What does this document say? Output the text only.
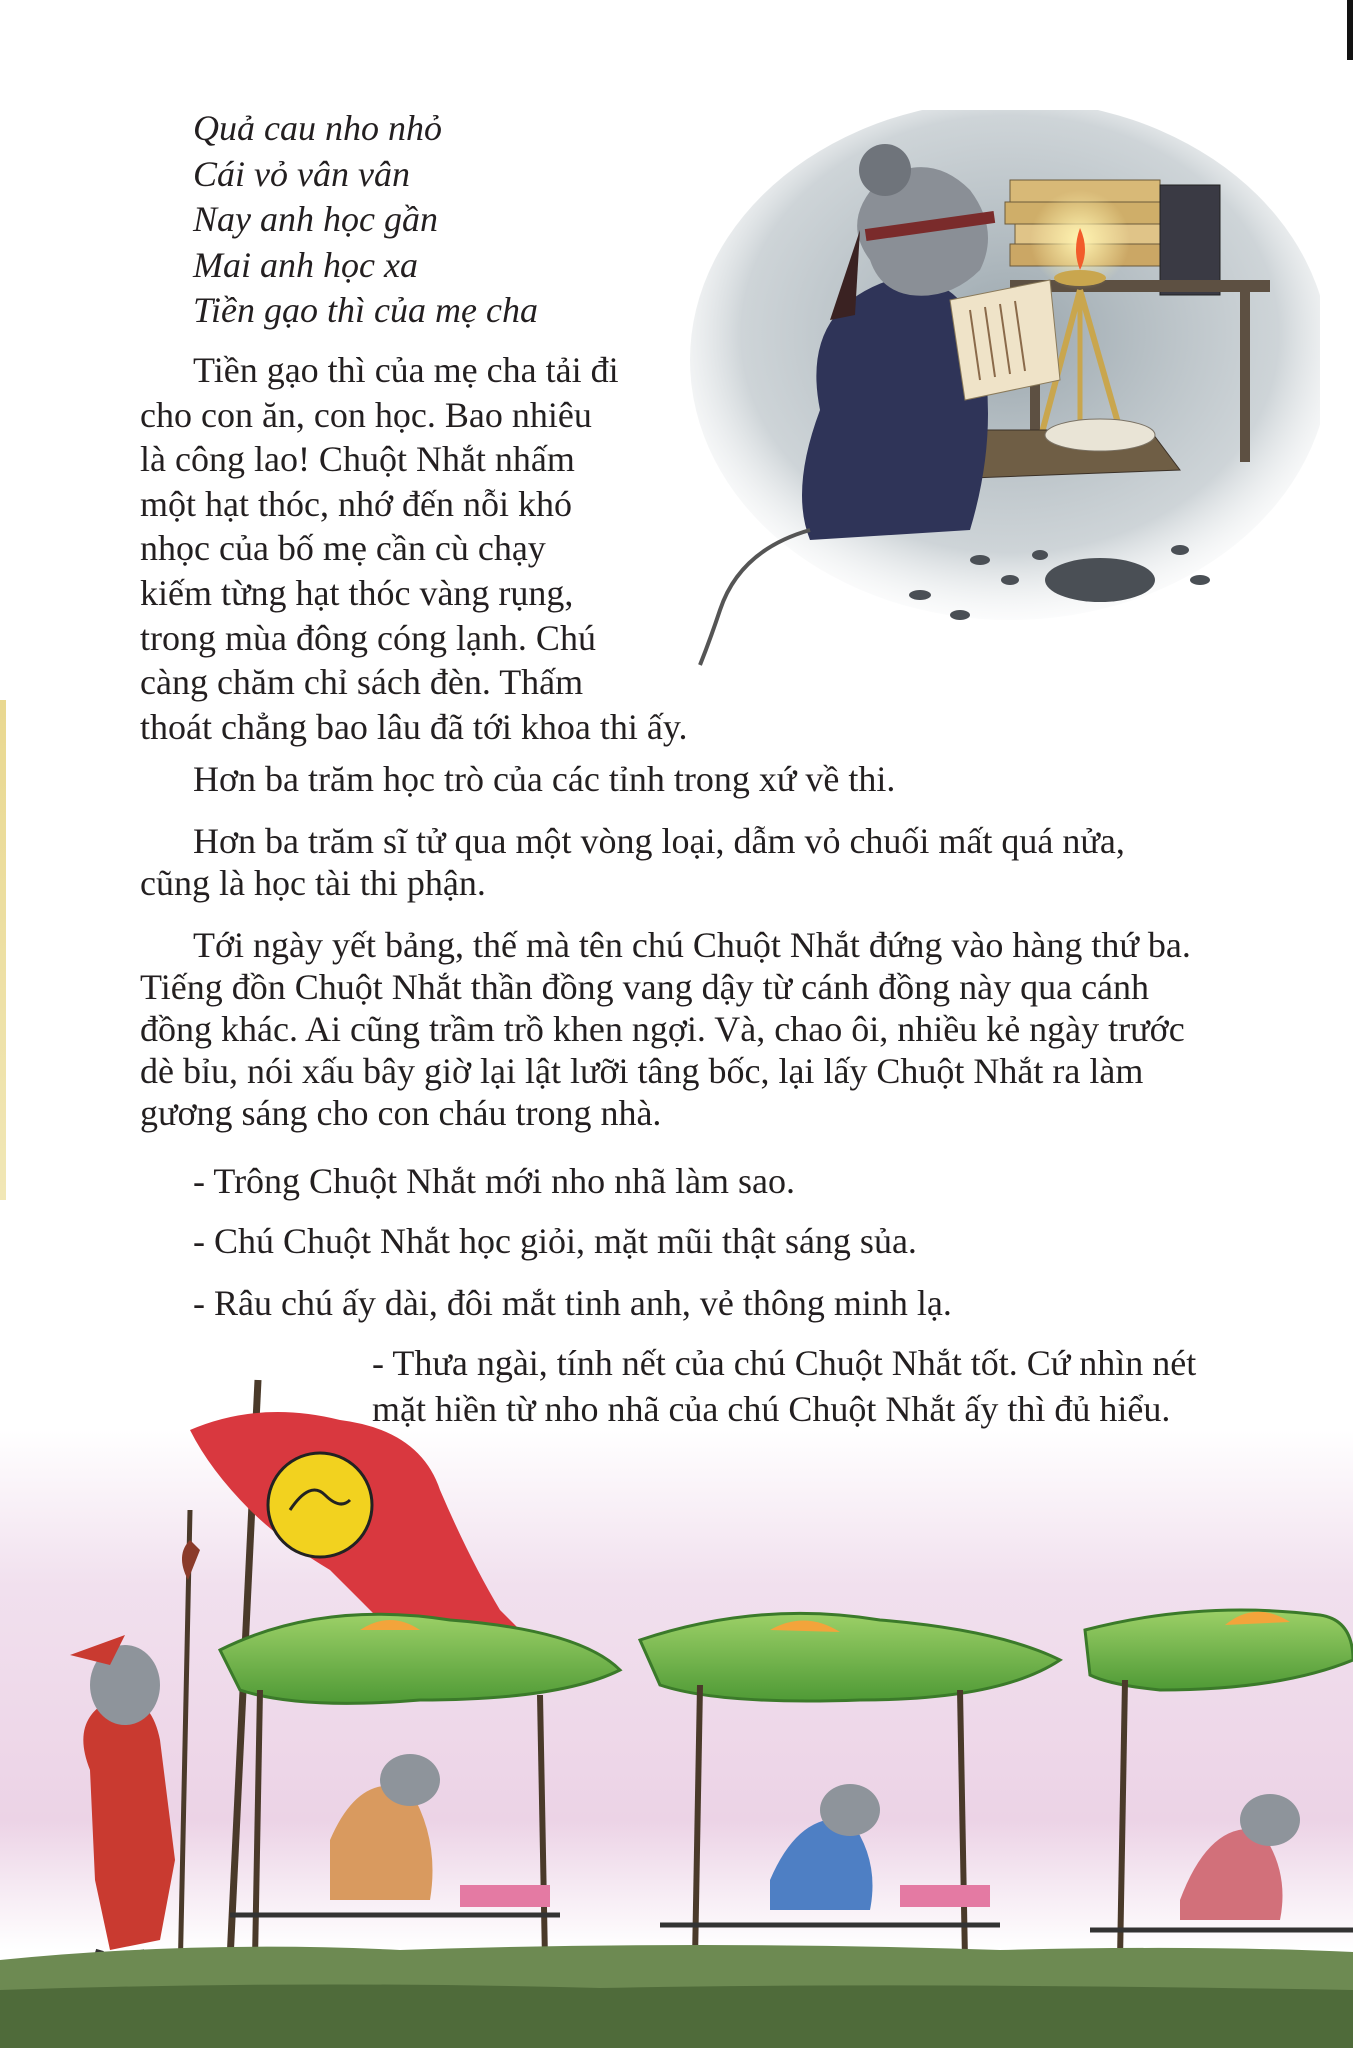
Quả cau nho nhỏ
Cái vỏ vân vân
Nay anh học gần
Mai anh học xa
Tiền gạo thì của mẹ cha
Tiền gạo thì của mẹ cha tải đi
cho con ăn, con học. Bao nhiêu
là công lao! Chuột Nhắt nhấm
một hạt thóc, nhớ đến nỗi khó
nhọc của bố mẹ cần cù chạy
kiếm từng hạt thóc vàng rụng,
trong mùa đông cóng lạnh. Chú
càng chăm chỉ sách đèn. Thấm
thoát chẳng bao lâu đã tới khoa thi ấy.
Hơn ba trăm học trò của các tỉnh trong xứ về thi.
Hơn ba trăm sĩ tử qua một vòng loại, dẫm vỏ chuối mất quá nửa,
cũng là học tài thi phận.
Tới ngày yết bảng, thế mà tên chú Chuột Nhắt đứng vào hàng thứ ba.
Tiếng đồn Chuột Nhắt thần đồng vang dậy từ cánh đồng này qua cánh
đồng khác. Ai cũng trầm trồ khen ngợi. Và, chao ôi, nhiều kẻ ngày trước
dè bỉu, nói xấu bây giờ lại lật lưỡi tâng bốc, lại lấy Chuột Nhắt ra làm
gương sáng cho con cháu trong nhà.
- Trông Chuột Nhắt mới nho nhã làm sao.
- Chú Chuột Nhắt học giỏi, mặt mũi thật sáng sủa.
- Râu chú ấy dài, đôi mắt tinh anh, vẻ thông minh lạ.
- Thưa ngài, tính nết của chú Chuột Nhắt tốt. Cứ nhìn nét
mặt hiền từ nho nhã của chú Chuột Nhắt ấy thì đủ hiểu.
